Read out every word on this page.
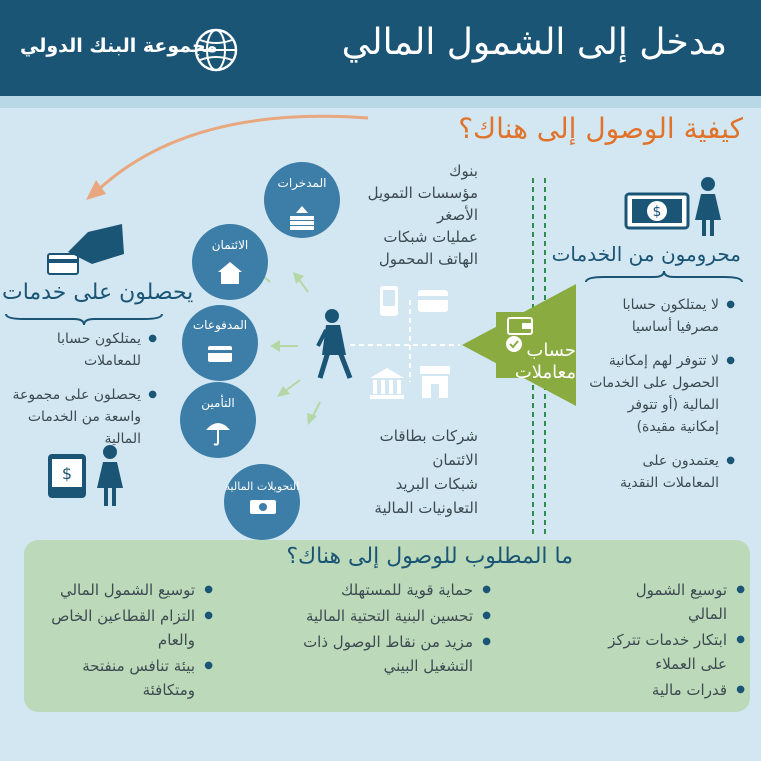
مجموعة البنك الدولي	مدخل إلى الشمول المالي
كيفية الوصول إلى هناك؟
$
$
المدخرات
الائتمان
المدفوعات
التأمين
التحويلات المالية
بنوك
مؤسسات التمويل
الأصغر
عمليات شبكات
الهاتف المحمول
شركات بطاقات
الائتمان
شبكات البريد
التعاونيات المالية
حساب معاملات
يحصلون على خدمات
● يمتلكون حسابا للمعاملات
● يحصلون على مجموعة واسعة من الخدمات المالية
محرومون من الخدمات
● لا يمتلكون حسابا مصرفيا أساسيا
● لا تتوفر لهم إمكانية الحصول على الخدمات المالية (أو تتوفر إمكانية مقيدة)
● يعتمدون على المعاملات النقدية
ما المطلوب للوصول إلى هناك؟
● توسيع الشمول المالي
● ابتكار خدمات تتركز على العملاء
● قدرات مالية
● حماية قوية للمستهلك
● تحسين البنية التحتية المالية
● مزيد من نقاط الوصول ذات التشغيل البيني
● توسيع الشمول المالي
● التزام القطاعين الخاص والعام
● بيئة تنافس منفتحة ومتكافئة
